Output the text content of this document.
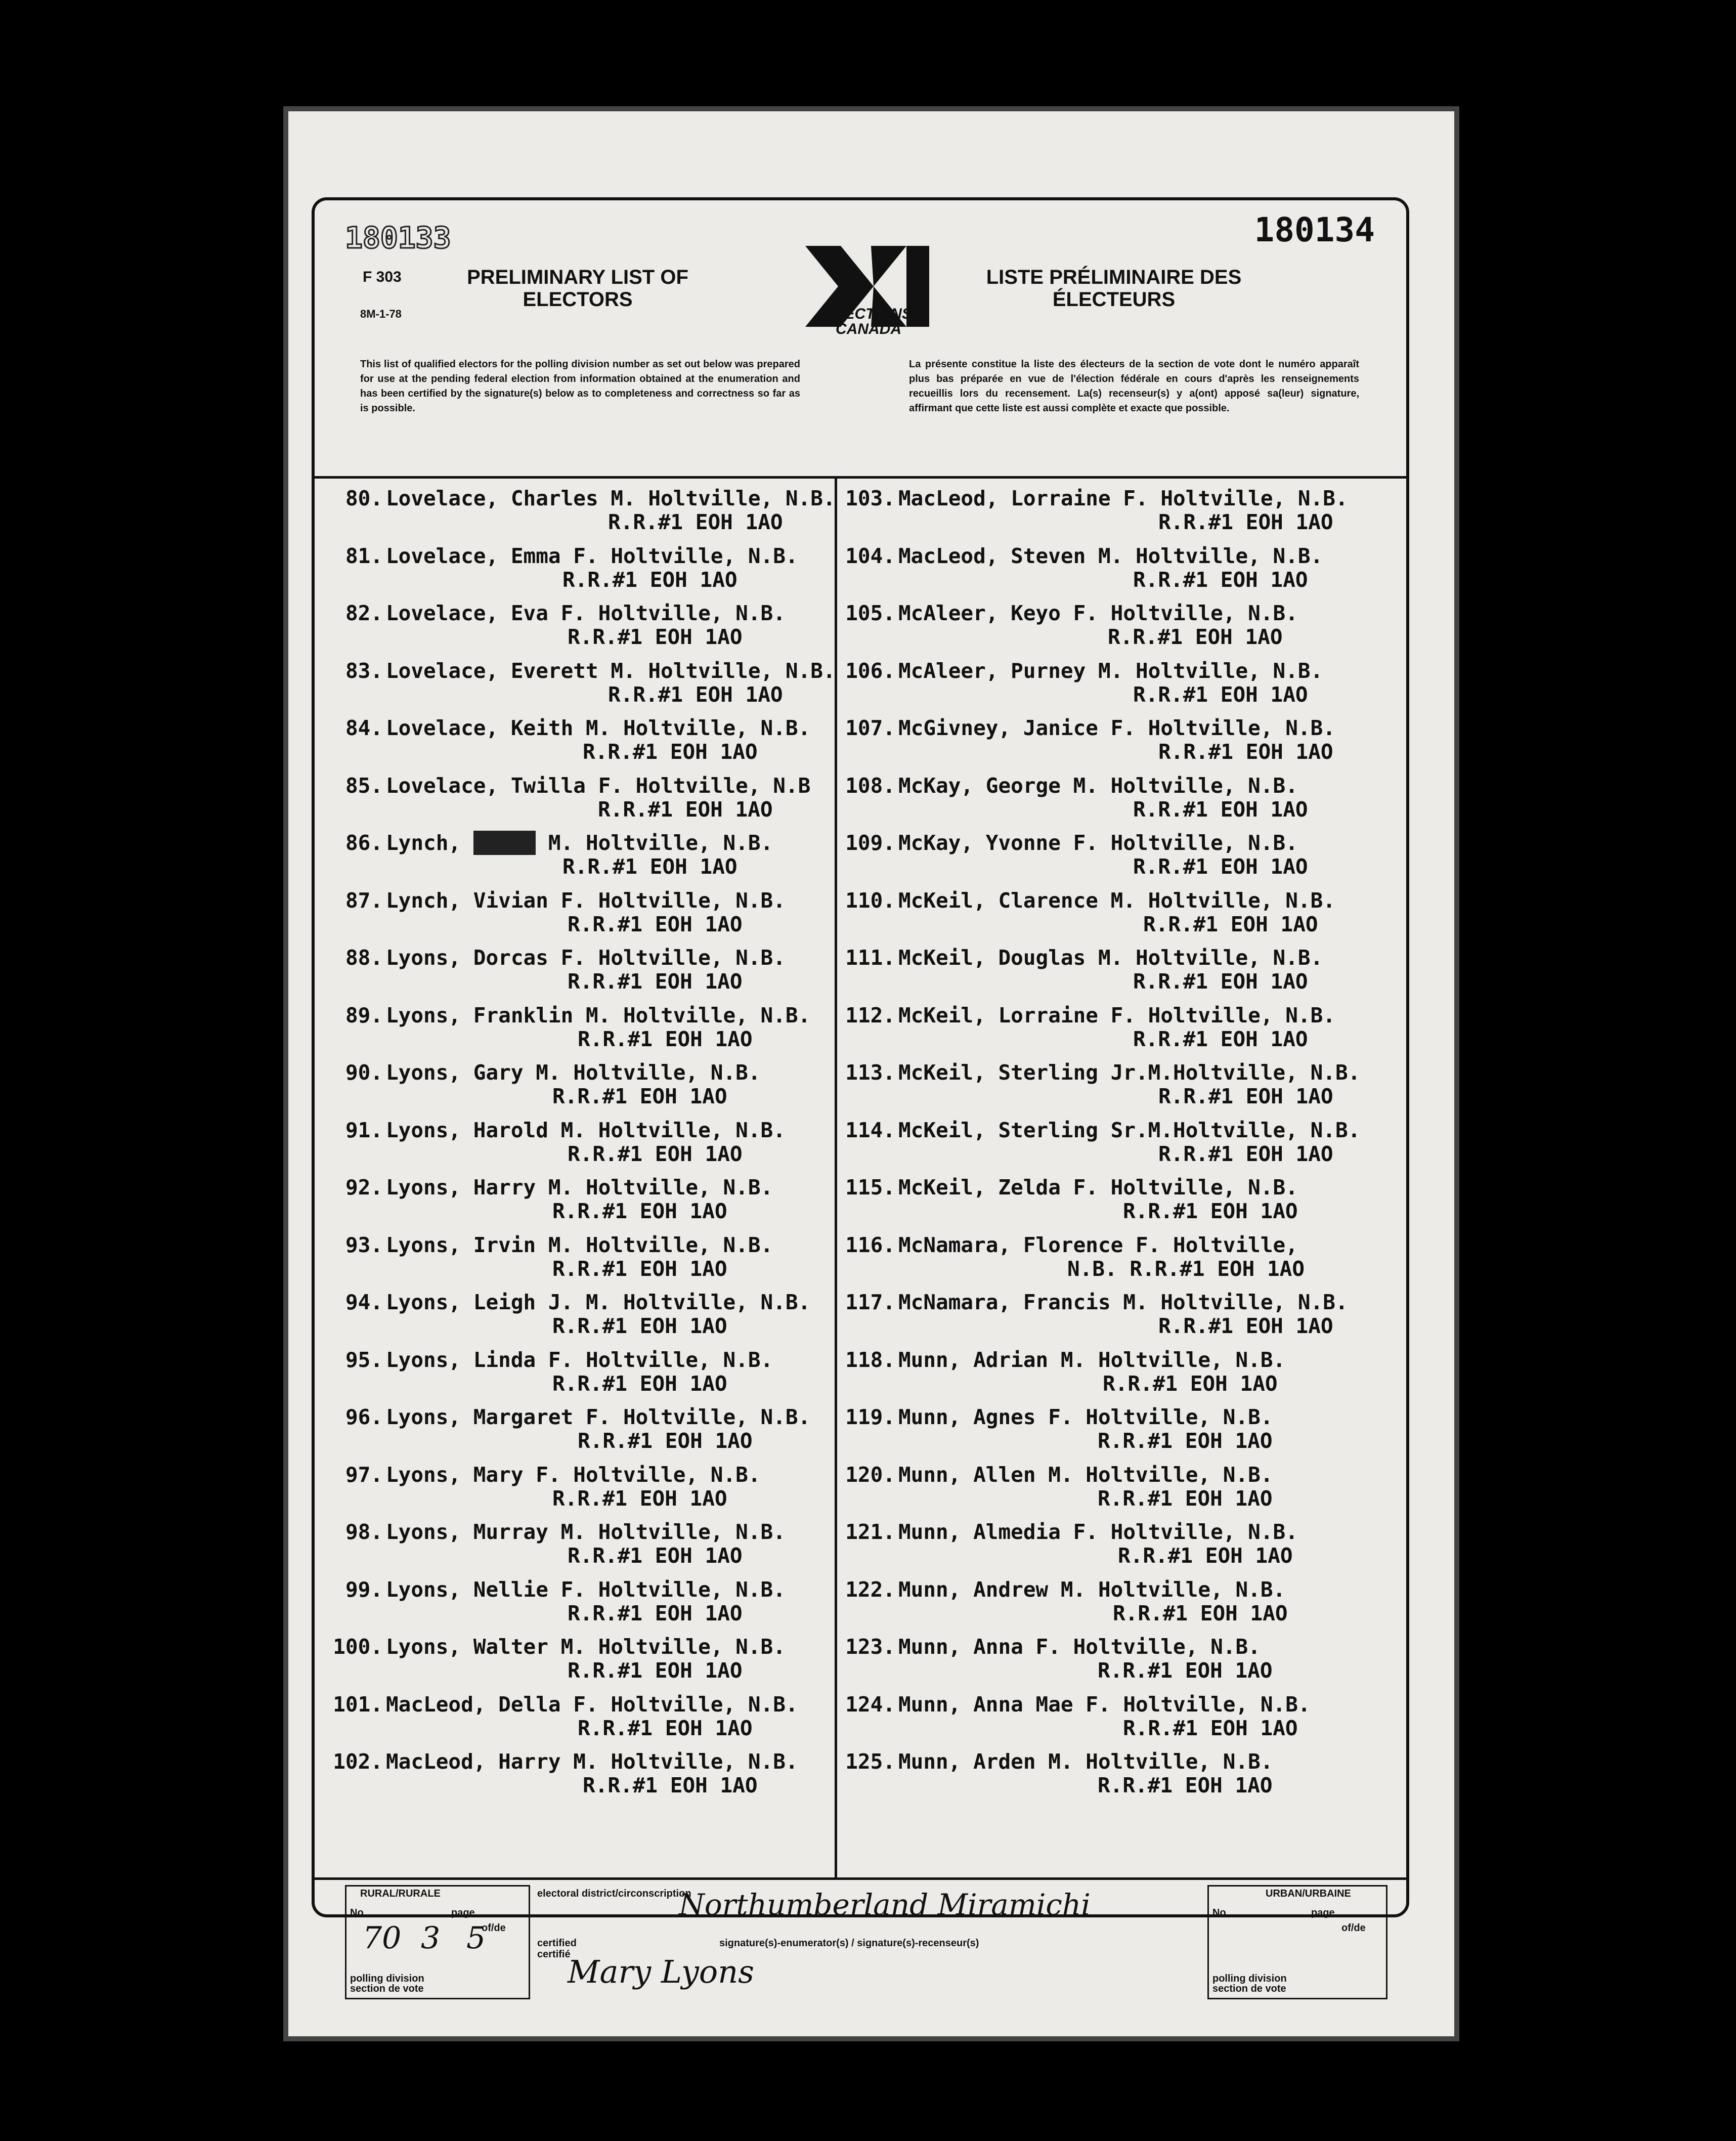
180133	180134
F 303
8M-1-78
PRELIMINARY LIST OF
ELECTORS
ELECTIONS
CANADA
LISTE PRÉLIMINAIRE DES
ÉLECTEURS
This list of qualified electors for the polling division number as set out below was prepared for use at the pending federal election from information obtained at the enumeration and has been certified by the signature(s) below as to completeness and correctness so far as is possible.
La présente constitue la liste des électeurs de la section de vote dont le numéro apparaît plus bas préparée en vue de l'élection fédérale en cours d'après les renseignements recueillis lors du recensement. La(s) recenseur(s) y a(ont) apposé sa(leur) signature, affirmant que cette liste est aussi complète et exacte que possible.
80. Lovelace, Charles M. Holtville, N.B.
R.R.#1 EOH 1AO
81. Lovelace, Emma F. Holtville, N.B.
R.R.#1 EOH 1AO
82. Lovelace, Eva F. Holtville, N.B.
R.R.#1 EOH 1AO
83. Lovelace, Everett M. Holtville, N.B.
R.R.#1 EOH 1AO
84. Lovelace, Keith M. Holtville, N.B.
R.R.#1 EOH 1AO
85. Lovelace, Twilla F. Holtville, N.B
R.R.#1 EOH 1AO
86. Lynch, Henry M. Holtville, N.B.
R.R.#1 EOH 1AO
87. Lynch, Vivian F. Holtville, N.B.
R.R.#1 EOH 1AO
88. Lyons, Dorcas F. Holtville, N.B.
R.R.#1 EOH 1AO
89. Lyons, Franklin M. Holtville, N.B.
R.R.#1 EOH 1AO
90. Lyons, Gary M. Holtville, N.B.
R.R.#1 EOH 1AO
91. Lyons, Harold M. Holtville, N.B.
R.R.#1 EOH 1AO
92. Lyons, Harry M. Holtville, N.B.
R.R.#1 EOH 1AO
93. Lyons, Irvin M. Holtville, N.B.
R.R.#1 EOH 1AO
94. Lyons, Leigh J. M. Holtville, N.B.
R.R.#1 EOH 1AO
95. Lyons, Linda F. Holtville, N.B.
R.R.#1 EOH 1AO
96. Lyons, Margaret F. Holtville, N.B.
R.R.#1 EOH 1AO
97. Lyons, Mary F. Holtville, N.B.
R.R.#1 EOH 1AO
98. Lyons, Murray M. Holtville, N.B.
R.R.#1 EOH 1AO
99. Lyons, Nellie F. Holtville, N.B.
R.R.#1 EOH 1AO
100. Lyons, Walter M. Holtville, N.B.
R.R.#1 EOH 1AO
101. MacLeod, Della F. Holtville, N.B.
R.R.#1 EOH 1AO
102. MacLeod, Harry M. Holtville, N.B.
R.R.#1 EOH 1AO
103. MacLeod, Lorraine F. Holtville, N.B.
R.R.#1 EOH 1AO
104. MacLeod, Steven M. Holtville, N.B.
R.R.#1 EOH 1AO
105. McAleer, Keyo F. Holtville, N.B.
R.R.#1 EOH 1AO
106. McAleer, Purney M. Holtville, N.B.
R.R.#1 EOH 1AO
107. McGivney, Janice F. Holtville, N.B.
R.R.#1 EOH 1AO
108. McKay, George M. Holtville, N.B.
R.R.#1 EOH 1AO
109. McKay, Yvonne F. Holtville, N.B.
R.R.#1 EOH 1AO
110. McKeil, Clarence M. Holtville, N.B.
R.R.#1 EOH 1AO
111. McKeil, Douglas M. Holtville, N.B.
R.R.#1 EOH 1AO
112. McKeil, Lorraine F. Holtville, N.B.
R.R.#1 EOH 1AO
113. McKeil, Sterling Jr.M.Holtville, N.B.
R.R.#1 EOH 1AO
114. McKeil, Sterling Sr.M.Holtville, N.B.
R.R.#1 EOH 1AO
115. McKeil, Zelda F. Holtville, N.B.
R.R.#1 EOH 1AO
116. McNamara, Florence F. Holtville,
N.B. R.R.#1 EOH 1AO
117. McNamara, Francis M. Holtville, N.B.
R.R.#1 EOH 1AO
118. Munn, Adrian M. Holtville, N.B.
R.R.#1 EOH 1AO
119. Munn, Agnes F. Holtville, N.B.
R.R.#1 EOH 1AO
120. Munn, Allen M. Holtville, N.B.
R.R.#1 EOH 1AO
121. Munn, Almedia F. Holtville, N.B.
R.R.#1 EOH 1AO
122. Munn, Andrew M. Holtville, N.B.
R.R.#1 EOH 1AO
123. Munn, Anna F. Holtville, N.B.
R.R.#1 EOH 1AO
124. Munn, Anna Mae F. Holtville, N.B.
R.R.#1 EOH 1AO
125. Munn, Arden M. Holtville, N.B.
R.R.#1 EOH 1AO
RURAL/RURALE
No	page
of/de
polling division
section de vote
70 3 5
electoral district/circonscription
Northumberland Miramichi
certified
certifié
signature(s)-enumerator(s) / signature(s)-recenseur(s)
Mary Lyons
URBAN/URBAINE
No	page
of/de
polling division
section de vote
